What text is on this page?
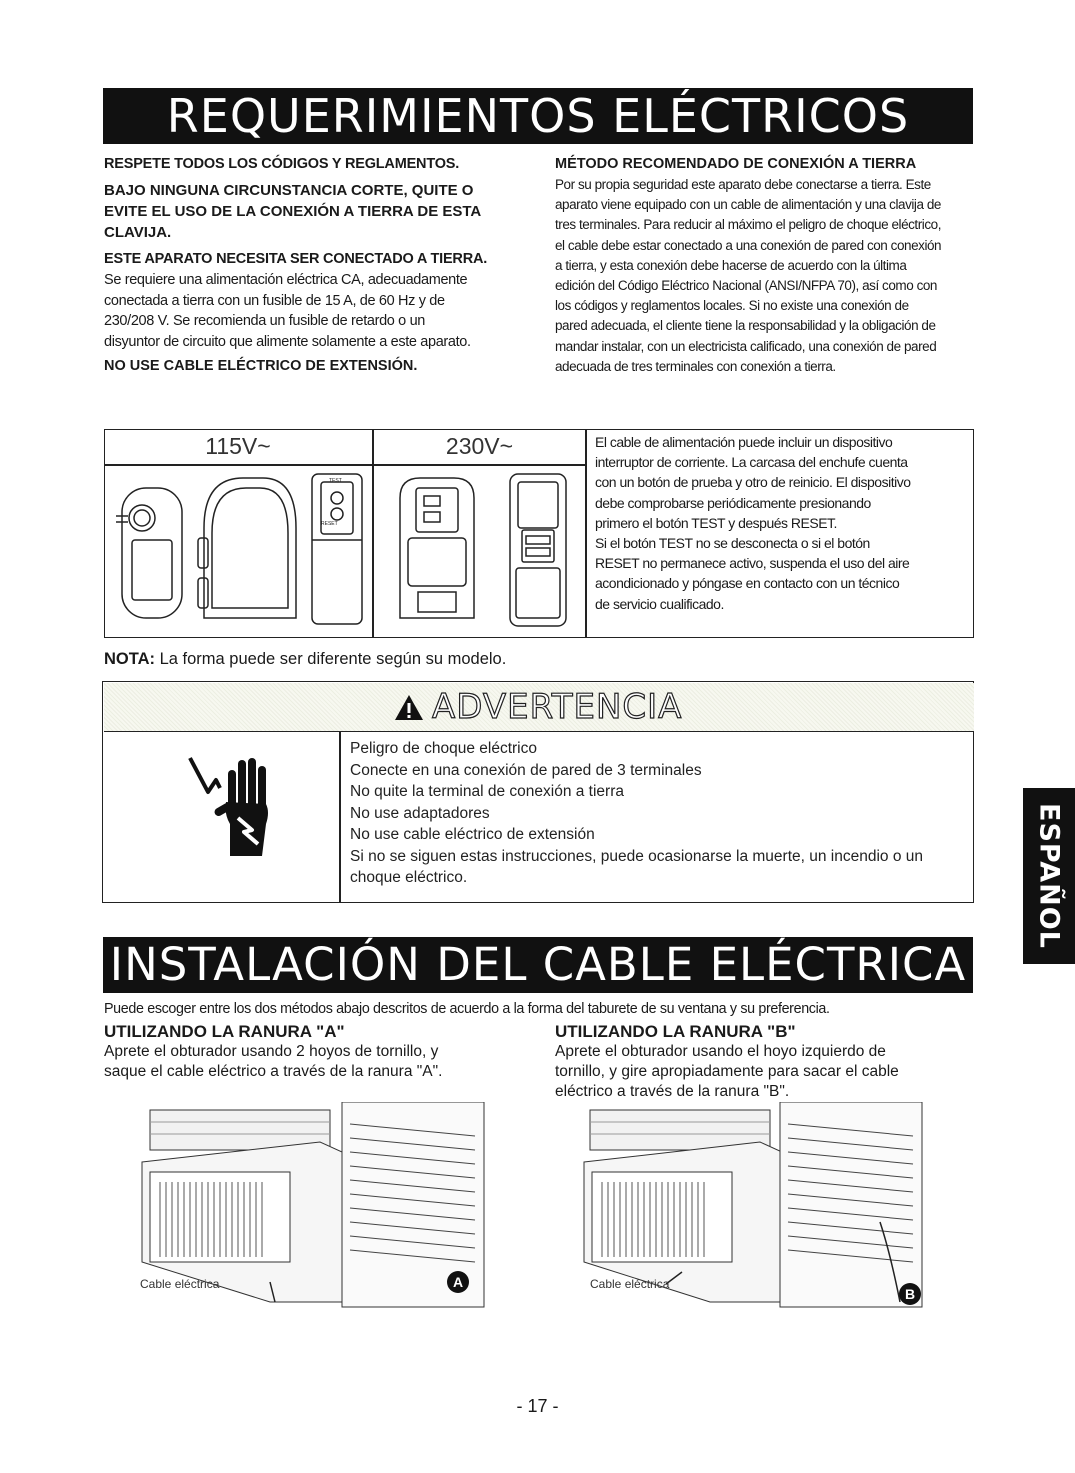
REQUERIMIENTOS ELÉCTRICOS
RESPETE TODOS LOS CÓDIGOS Y REGLAMENTOS.
BAJO NINGUNA CIRCUNSTANCIA CORTE, QUITE O
EVITE EL USO DE LA CONEXIÓN A TIERRA DE ESTA
CLAVIJA.
ESTE APARATO NECESITA SER CONECTADO A TIERRA.
Se requiere una alimentación eléctrica CA, adecuadamente
conectada a tierra con un fusible de 15 A, de 60 Hz y de
230/208 V. Se recomienda un fusible de retardo o un
disyuntor de circuito que alimente solamente a este aparato.
NO USE CABLE ELÉCTRICO DE EXTENSIÓN.
MÉTODO RECOMENDADO DE CONEXIÓN A TIERRA
Por su propia seguridad este aparato debe conectarse a tierra. Este
aparato viene equipado con un cable de alimentación y una clavija de
tres terminales. Para reducir al máximo el peligro de choque eléctrico,
el cable debe estar conectado a una conexión de pared con conexión
a tierra, y esta conexión debe hacerse de acuerdo con la última
edición del Código Eléctrico Nacional (ANSI/NFPA 70), así como con
los códigos y reglamentos locales. Si no existe una conexión de
pared adecuada, el cliente tiene la responsabilidad y la obligación de
mandar instalar, con un electricista calificado, una conexión de pared
adecuada de tres terminales con conexión a tierra.
115V~	230V~
RESET
TEST
El cable de alimentación puede incluir un dispositivo
interruptor de corriente. La carcasa del enchufe cuenta
con un botón de prueba y otro de reinicio. El dispositivo
debe comprobarse periódicamente presionando
primero el botón TEST y después RESET.
Si el botón TEST no se desconecta o si el botón
RESET no permanece activo, suspenda el uso del aire
acondicionado y póngase en contacto con un técnico
de servicio cualificado.
NOTA: La forma puede ser diferente según su modelo.
ADVERTENCIA
Peligro de choque eléctrico
Conecte en una conexión de pared de 3 terminales
No quite la terminal de conexión a tierra
No use adaptadores
No use cable eléctrico de extensión
Si no se siguen estas instrucciones, puede ocasionarse la muerte, un incendio o un
choque eléctrico.	ESPAÑOL
INSTALACIÓN DEL CABLE ELÉCTRICA
Puede escoger entre los dos métodos abajo descritos de acuerdo a la forma del taburete de su ventana y su preferencia.
UTILIZANDO LA RANURA "A"
Aprete el obturador usando 2 hoyos de tornillo, y
saque el cable eléctrico a través de la ranura "A".
UTILIZANDO LA RANURA "B"
Aprete el obturador usando el hoyo izquierdo de
tornillo, y gire apropiadamente para sacar el cable
eléctrico a través de la ranura "B".
Cable eléctrica	A	Cable eléctrica
B
- 17 -
